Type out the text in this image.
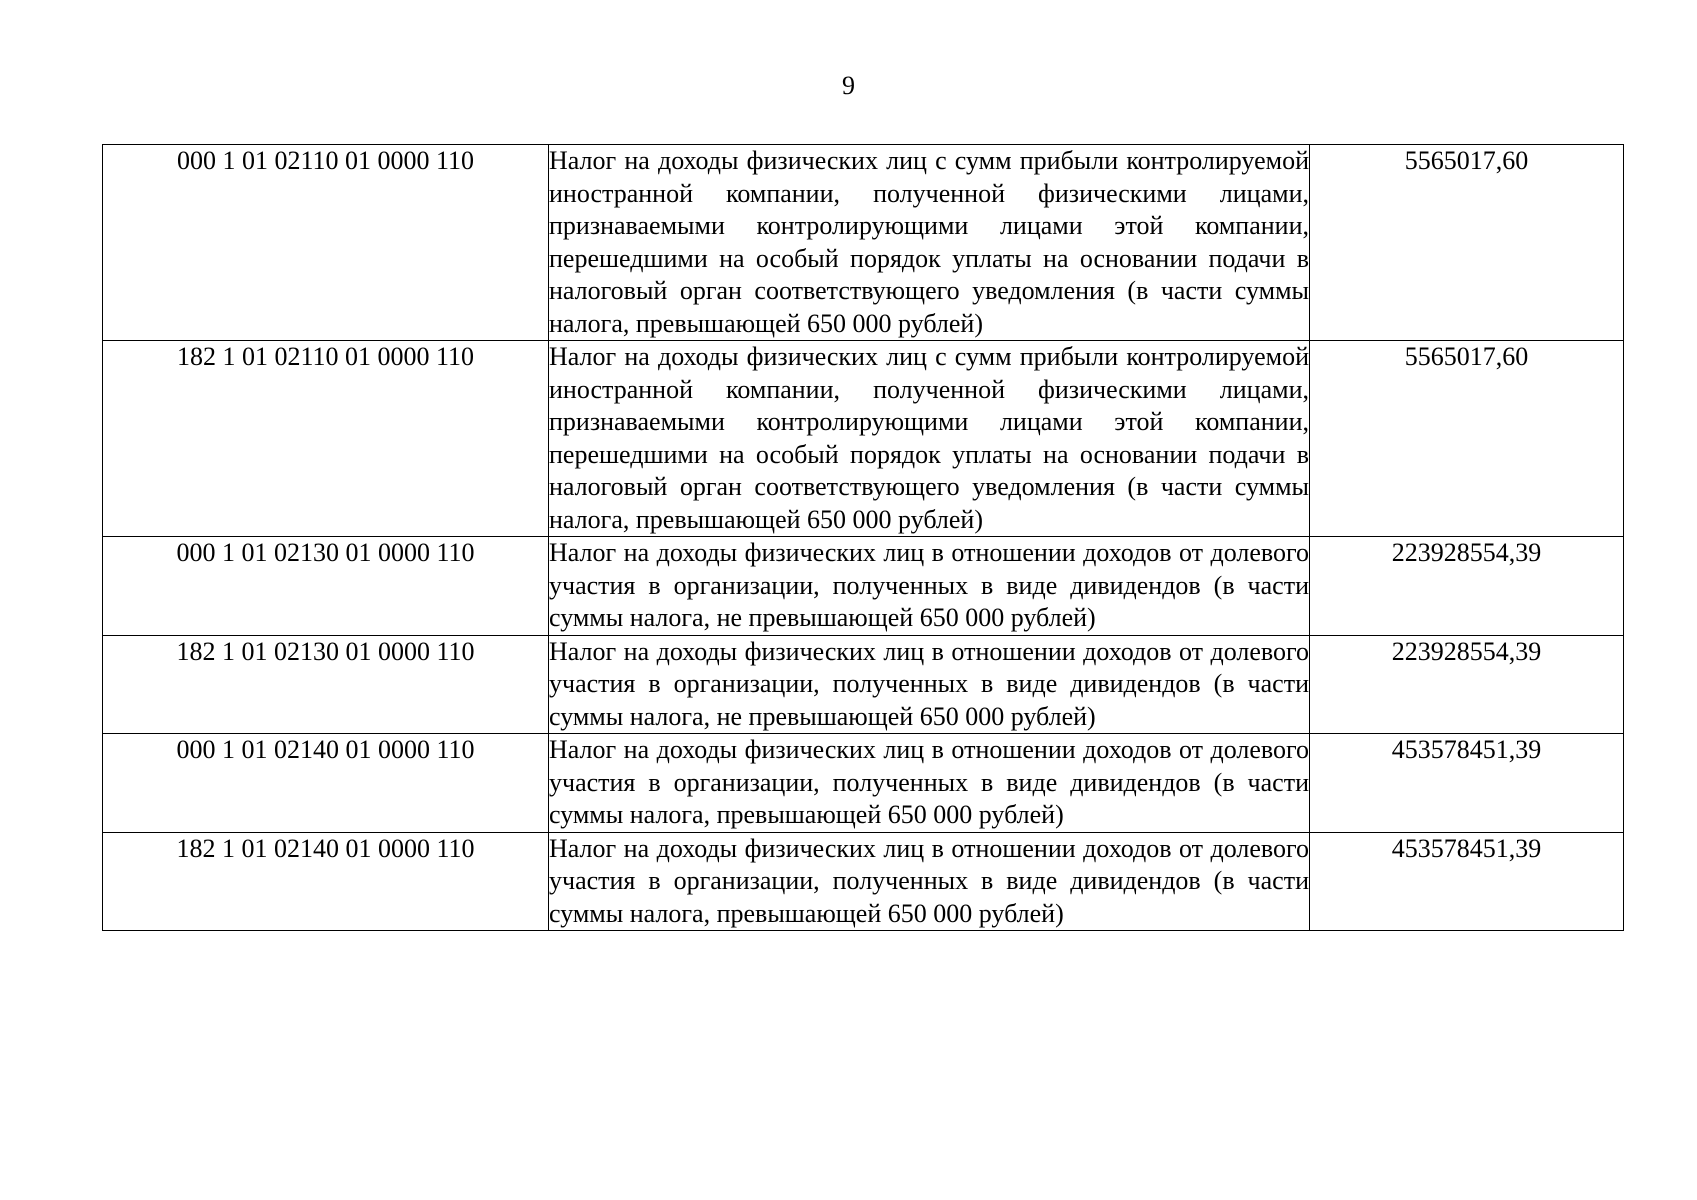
9
000 1 01 02110 01 0000 110	Налог на доходы физических лиц с сумм прибыли контролируемой иностранной компании, полученной физическими лицами, признаваемыми контролирующими лицами этой компании, перешедшими на особый порядок уплаты на основании подачи в налоговый орган соответствующего уведомления (в части суммы налога, превышающей 650 000 рублей)	5565017,60
182 1 01 02110 01 0000 110	Налог на доходы физических лиц с сумм прибыли контролируемой иностранной компании, полученной физическими лицами, признаваемыми контролирующими лицами этой компании, перешедшими на особый порядок уплаты на основании подачи в налоговый орган соответствующего уведомления (в части суммы налога, превышающей 650 000 рублей)	5565017,60
000 1 01 02130 01 0000 110	Налог на доходы физических лиц в отношении доходов от долевого участия в организации, полученных в виде дивидендов (в части суммы налога, не превышающей 650 000 рублей)	223928554,39
182 1 01 02130 01 0000 110	Налог на доходы физических лиц в отношении доходов от долевого участия в организации, полученных в виде дивидендов (в части суммы налога, не превышающей 650 000 рублей)	223928554,39
000 1 01 02140 01 0000 110	Налог на доходы физических лиц в отношении доходов от долевого участия в организации, полученных в виде дивидендов (в части суммы налога, превышающей 650 000 рублей)	453578451,39
182 1 01 02140 01 0000 110	Налог на доходы физических лиц в отношении доходов от долевого участия в организации, полученных в виде дивидендов (в части суммы налога, превышающей 650 000 рублей)	453578451,39
